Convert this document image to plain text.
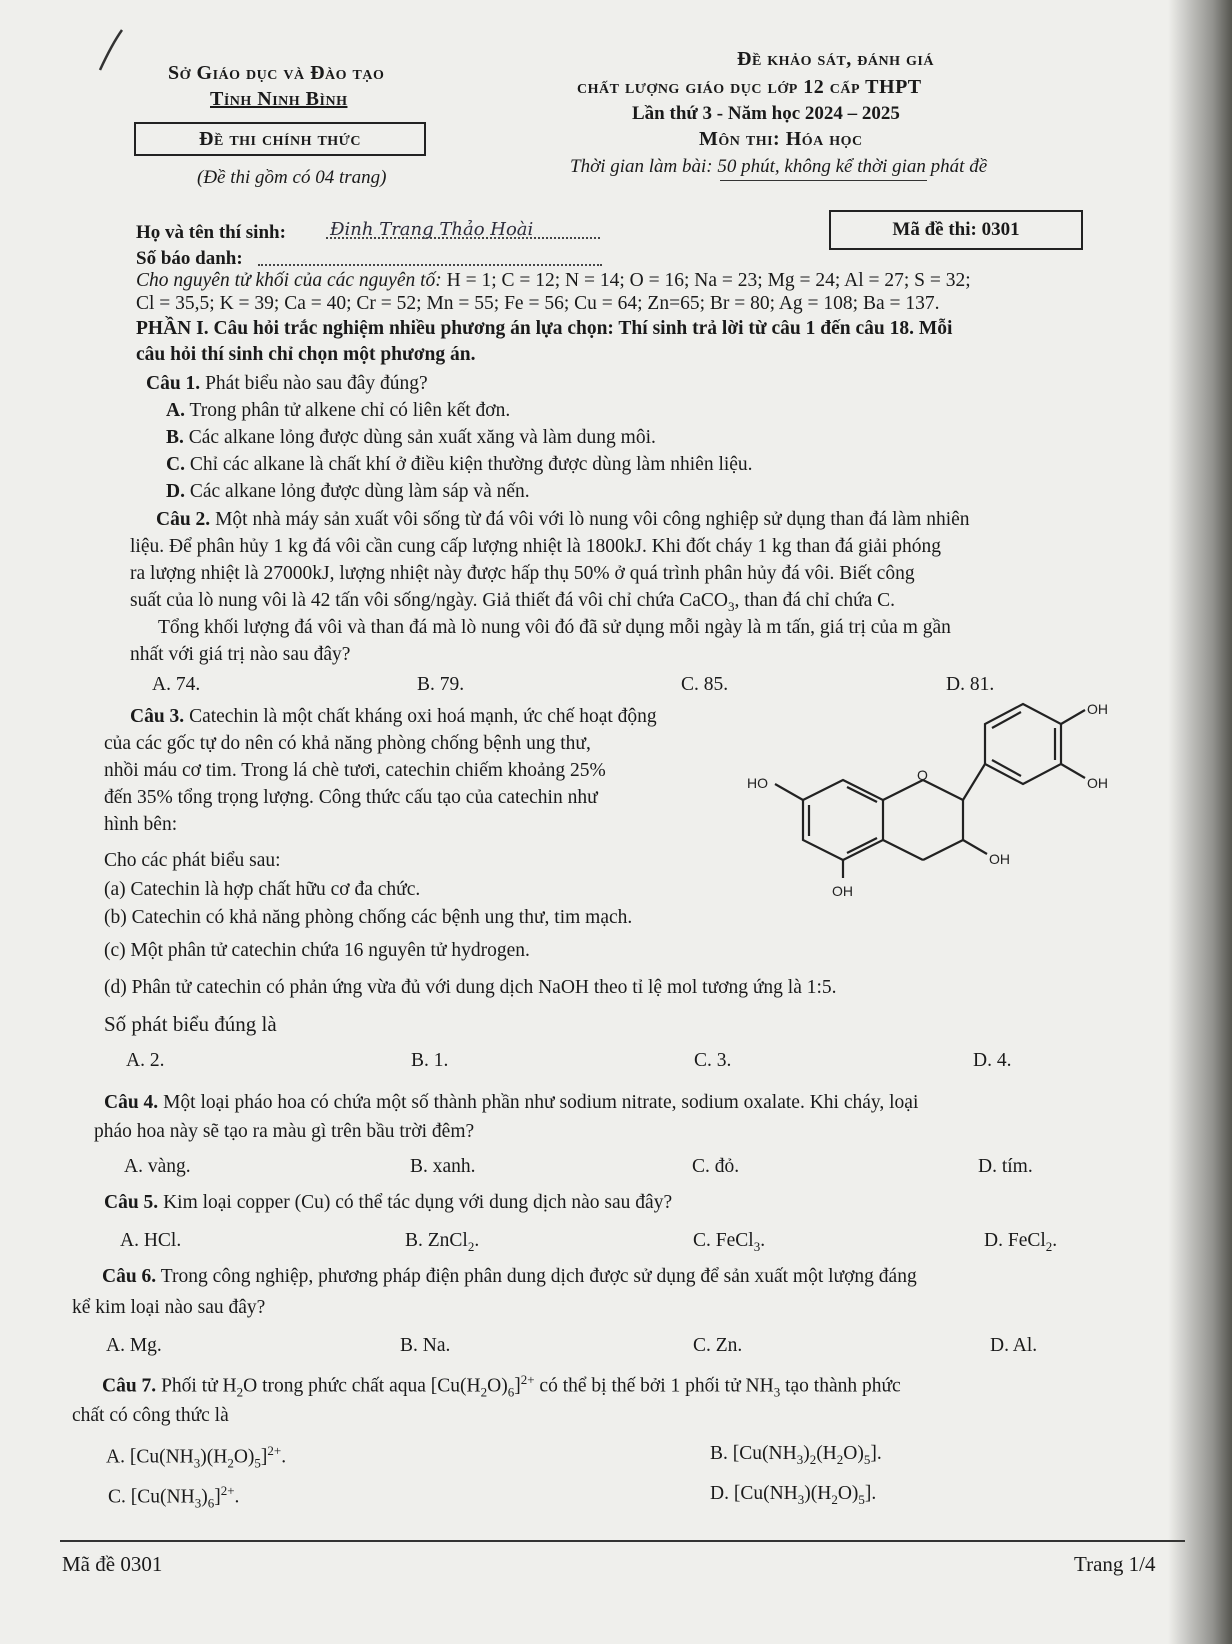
Sở Giáo dục và Đào tạo
Tỉnh Ninh Bình
Đề thi chính thức
(Đề thi gồm có 04 trang)
Đề khảo sát, đánh giá
chất lượng giáo dục lớp 12 cấp THPT
Lần thứ 3 - Năm học 2024 – 2025
Môn thi: Hóa học
Thời gian làm bài: 50 phút, không kể thời gian phát đề
Họ và tên thí sinh: Đinh Trang Thảo Hoài
Số báo danh:
Mã đề thi: 0301
Cho nguyên tử khối của các nguyên tố: H = 1; C = 12; N = 14; O = 16; Na = 23; Mg = 24; Al = 27; S = 32;
Cl = 35,5; K = 39; Ca = 40; Cr = 52; Mn = 55; Fe = 56; Cu = 64; Zn=65; Br = 80; Ag = 108; Ba = 137.
PHẦN I. Câu hỏi trắc nghiệm nhiều phương án lựa chọn: Thí sinh trả lời từ câu 1 đến câu 18. Mỗi
câu hỏi thí sinh chỉ chọn một phương án.
Câu 1. Phát biểu nào sau đây đúng?
A. Trong phân tử alkene chỉ có liên kết đơn.
B. Các alkane lỏng được dùng sản xuất xăng và làm dung môi.
C. Chỉ các alkane là chất khí ở điều kiện thường được dùng làm nhiên liệu.
D. Các alkane lỏng được dùng làm sáp và nến.
Câu 2. Một nhà máy sản xuất vôi sống từ đá vôi với lò nung vôi công nghiệp sử dụng than đá làm nhiên
liệu. Để phân hủy 1 kg đá vôi cần cung cấp lượng nhiệt là 1800kJ. Khi đốt cháy 1 kg than đá giải phóng
ra lượng nhiệt là 27000kJ, lượng nhiệt này được hấp thụ 50% ở quá trình phân hủy đá vôi. Biết công
suất của lò nung vôi là 42 tấn vôi sống/ngày. Giả thiết đá vôi chỉ chứa CaCO$_3$, than đá chỉ chứa C.
Tổng khối lượng đá vôi và than đá mà lò nung vôi đó đã sử dụng mỗi ngày là m tấn, giá trị của m gần
nhất với giá trị nào sau đây?
A. 74.	B. 79.	C. 85.	D. 81.
Câu 3. Catechin là một chất kháng oxi hoá mạnh, ức chế hoạt động
của các gốc tự do nên có khả năng phòng chống bệnh ung thư,
nhồi máu cơ tim. Trong lá chè tươi, catechin chiếm khoảng 25%
đến 35% tổng trọng lượng. Công thức cấu tạo của catechin như
hình bên:
Cho các phát biểu sau:
(a) Catechin là hợp chất hữu cơ đa chức.
(b) Catechin có khả năng phòng chống các bệnh ung thư, tim mạch.
(c) Một phân tử catechin chứa 16 nguyên tử hydrogen.
(d) Phân tử catechin có phản ứng vừa đủ với dung dịch NaOH theo tỉ lệ mol tương ứng là 1:5.
Số phát biểu đúng là
A. 2.	B. 1.	C. 3.	D. 4.
OH
OH
HO	O
OH
OH
Câu 4. Một loại pháo hoa có chứa một số thành phần như sodium nitrate, sodium oxalate. Khi cháy, loại
pháo hoa này sẽ tạo ra màu gì trên bầu trời đêm?
A. vàng.	B. xanh.	C. đỏ.	D. tím.
Câu 5. Kim loại copper (Cu) có thể tác dụng với dung dịch nào sau đây?
A. HCl.	B. ZnCl$_2$.	C. FeCl$_3$.	D. FeCl$_2$.
Câu 6. Trong công nghiệp, phương pháp điện phân dung dịch được sử dụng để sản xuất một lượng đáng
kể kim loại nào sau đây?
A. Mg.	B. Na.	C. Zn.	D. Al.
Câu 7. Phối tử $H_2O$ trong phức chất aqua $[Cu(H_2O)_6]^{2+}$ có thể bị thế bởi 1 phối tử $NH_3$ tạo thành phức
chất có công thức là
A. $[Cu(NH_3)(H_2O)_5]^{2+}$.	B. $[Cu(NH_3)_2(H_2O)_5]$.
C. $[Cu(NH_3)_6]^{2+}$.	D. $[Cu(NH_3)(H_2O)_5]$.
Mã đề 0301	Trang 1/4
